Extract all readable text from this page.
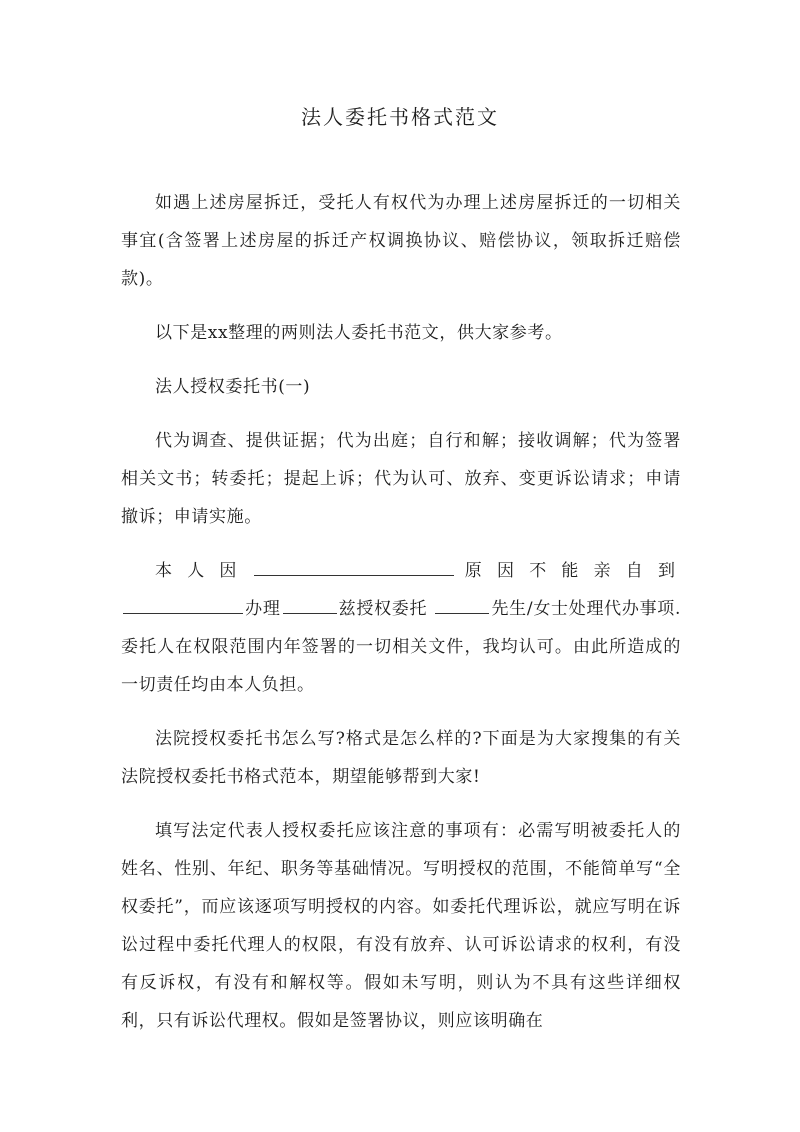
法人委托书格式范文

如遇上述房屋拆迁，受托人有权代为办理上述房屋拆迁的一切相关事宜(含签署上述房屋的拆迁产权调换协议、赔偿协议，领取拆迁赔偿款)。

以下是xx整理的两则法人委托书范文，供大家参考。

法人授权委托书(一)

代为调查、提供证据；代为出庭；自行和解；接收调解；代为签署相关文书；转委托；提起上诉；代为认可、放弃、变更诉讼请求；申请撤诉；申请实施。

本人因	原因不能亲自到
办理	兹授权委托	先生/女士处理代办事项.委托人在权限范围内年签署的一切相关文件，我均认可。由此所造成的一切责任均由本人负担。

法院授权委托书怎么写?格式是怎么样的?下面是为大家搜集的有关法院授权委托书格式范本，期望能够帮到大家!

填写法定代表人授权委托应该注意的事项有：必需写明被委托人的姓名、性别、年纪、职务等基础情况。写明授权的范围，不能简单写“全权委托”，而应该逐项写明授权的内容。如委托代理诉讼，就应写明在诉讼过程中委托代理人的权限，有没有放弃、认可诉讼请求的权利，有没有反诉权，有没有和解权等。假如未写明，则认为不具有这些详细权利，只有诉讼代理权。假如是签署协议，则应该明确在
